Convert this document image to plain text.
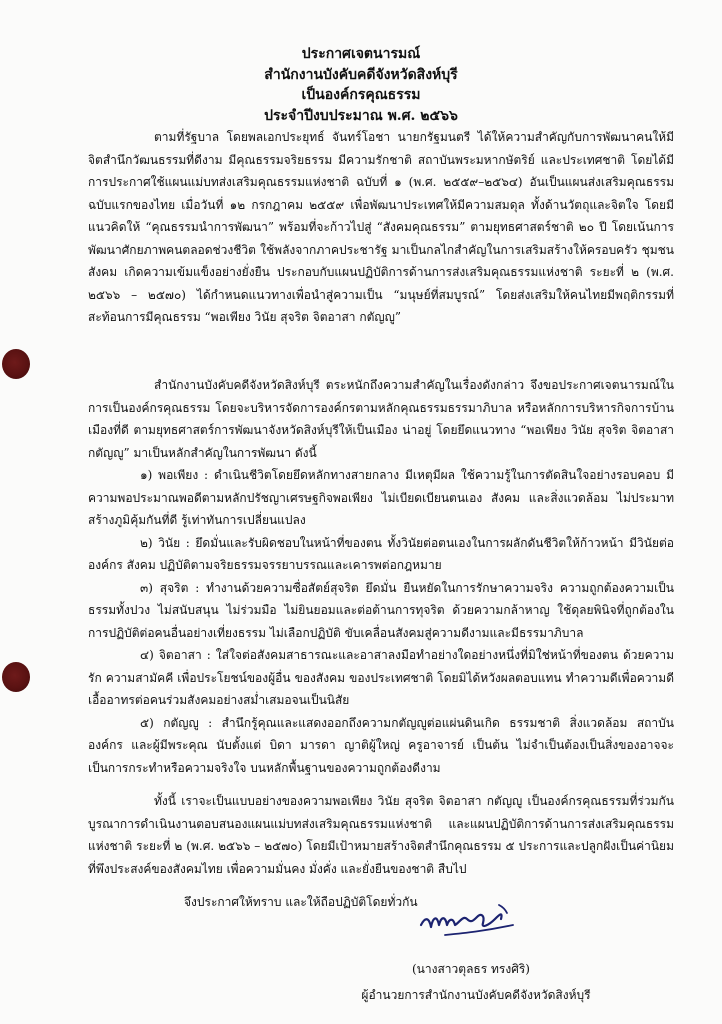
ประกาศเจตนารมณ์
สำนักงานบังคับคดีจังหวัดสิงห์บุรี
เป็นองค์กรคุณธรรม
ประจำปีงบประมาณ พ.ศ. ๒๕๖๖

ตามที่รัฐบาล โดยพลเอกประยุทธ์ จันทร์โอชา นายกรัฐมนตรี ได้ให้ความสำคัญกับการพัฒนาคนให้มีจิตสำนึกวัฒนธรรมที่ดีงาม มีคุณธรรมจริยธรรม มีความรักชาติ สถาบันพระมหากษัตริย์ และประเทศชาติ โดยได้มีการประกาศใช้แผนแม่บทส่งเสริมคุณธรรมแห่งชาติ ฉบับที่ ๑ (พ.ศ. ๒๕๕๙–๒๕๖๔) อันเป็นแผนส่งเสริมคุณธรรม ฉบับแรกของไทย เมื่อวันที่ ๑๒ กรกฎาคม ๒๕๕๙ เพื่อพัฒนาประเทศให้มีความสมดุล ทั้งด้านวัตถุและจิตใจ โดยมีแนวคิดให้ “คุณธรรมนำการพัฒนา” พร้อมที่จะก้าวไปสู่ “สังคมคุณธรรม” ตามยุทธศาสตร์ชาติ ๒๐ ปี โดยเน้นการพัฒนาศักยภาพคนตลอดช่วงชีวิต ใช้พลังจากภาคประชารัฐ มาเป็นกลไกสำคัญในการเสริมสร้างให้ครอบครัว ชุมชน สังคม เกิดความเข้มแข็งอย่างยั่งยืน ประกอบกับแผนปฏิบัติการด้านการส่งเสริมคุณธรรมแห่งชาติ ระยะที่ ๒ (พ.ศ. ๒๕๖๖ – ๒๕๗๐) ได้กำหนดแนวทางเพื่อนำสู่ความเป็น “มนุษย์ที่สมบูรณ์” โดยส่งเสริมให้คนไทยมีพฤติกรรมที่สะท้อนการมีคุณธรรม “พอเพียง วินัย สุจริต จิตอาสา กตัญญู”

สำนักงานบังคับคดีจังหวัดสิงห์บุรี ตระหนักถึงความสำคัญในเรื่องดังกล่าว จึงขอประกาศเจตนารมณ์ในการเป็นองค์กรคุณธรรม โดยจะบริหารจัดการองค์กรตามหลักคุณธรรมธรรมาภิบาล หรือหลักการบริหารกิจการบ้านเมืองที่ดี ตามยุทธศาสตร์การพัฒนาจังหวัดสิงห์บุรีให้เป็นเมือง น่าอยู่ โดยยึดแนวทาง “พอเพียง วินัย สุจริต จิตอาสา กตัญญู” มาเป็นหลักสำคัญในการพัฒนา ดังนี้

๑) พอเพียง : ดำเนินชีวิตโดยยึดหลักทางสายกลาง มีเหตุมีผล ใช้ความรู้ในการตัดสินใจอย่างรอบคอบ มีความพอประมาณพอดีตามหลักปรัชญาเศรษฐกิจพอเพียง ไม่เบียดเบียนตนเอง สังคม และสิ่งแวดล้อม ไม่ประมาท สร้างภูมิคุ้มกันที่ดี รู้เท่าทันการเปลี่ยนแปลง

๒) วินัย : ยึดมั่นและรับผิดชอบในหน้าที่ของตน ทั้งวินัยต่อตนเองในการผลักดันชีวิตให้ก้าวหน้า มีวินัยต่อองค์กร สังคม ปฏิบัติตามจริยธรรมจรรยาบรรณและเคารพต่อกฎหมาย

๓) สุจริต : ทำงานด้วยความซื่อสัตย์สุจริต ยึดมั่น ยืนหยัดในการรักษาความจริง ความถูกต้องความเป็นธรรมทั้งปวง ไม่สนับสนุน ไม่ร่วมมือ ไม่ยินยอมและต่อต้านการทุจริต ด้วยความกล้าหาญ ใช้ดุลยพินิจที่ถูกต้องในการปฏิบัติต่อคนอื่นอย่างเที่ยงธรรม ไม่เลือกปฏิบัติ ขับเคลื่อนสังคมสู่ความดีงามและมีธรรมาภิบาล

๔) จิตอาสา : ใส่ใจต่อสังคมสาธารณะและอาสาลงมือทำอย่างใดอย่างหนึ่งที่มิใช่หน้าที่ของตน ด้วยความรัก ความสามัคคี เพื่อประโยชน์ของผู้อื่น ของสังคม ของประเทศชาติ โดยมิได้หวังผลตอบแทน ทำความดีเพื่อความดี เอื้ออาทรต่อคนร่วมสังคมอย่างสม่ำเสมอจนเป็นนิสัย

๕) กตัญญู : สำนึกรู้คุณและแสดงออกถึงความกตัญญูต่อแผ่นดินเกิด ธรรมชาติ สิ่งแวดล้อม สถาบันองค์กร และผู้มีพระคุณ นับตั้งแต่ บิดา มารดา ญาติผู้ใหญ่ ครูอาจารย์ เป็นต้น ไม่จำเป็นต้องเป็นสิ่งของอาจจะเป็นการกระทำหรือความจริงใจ บนหลักพื้นฐานของความถูกต้องดีงาม

ทั้งนี้ เราจะเป็นแบบอย่างของความพอเพียง วินัย สุจริต จิตอาสา กตัญญู เป็นองค์กรคุณธรรมที่ร่วมกันบูรณาการดำเนินงานตอบสนองแผนแม่บทส่งเสริมคุณธรรมแห่งชาติ และแผนปฏิบัติการด้านการส่งเสริมคุณธรรมแห่งชาติ ระยะที่ ๒ (พ.ศ. ๒๕๖๖ – ๒๕๗๐) โดยมีเป้าหมายสร้างจิตสำนึกคุณธรรม ๕ ประการและปลูกฝังเป็นค่านิยมที่พึงประสงค์ของสังคมไทย เพื่อความมั่นคง มั่งคั่ง และยั่งยืนของชาติ สืบไป

จึงประกาศให้ทราบ และให้ถือปฏิบัติโดยทั่วกัน
(นางสาวตุลธร ทรงศิริ)
ผู้อำนวยการสำนักงานบังคับคดีจังหวัดสิงห์บุรี
